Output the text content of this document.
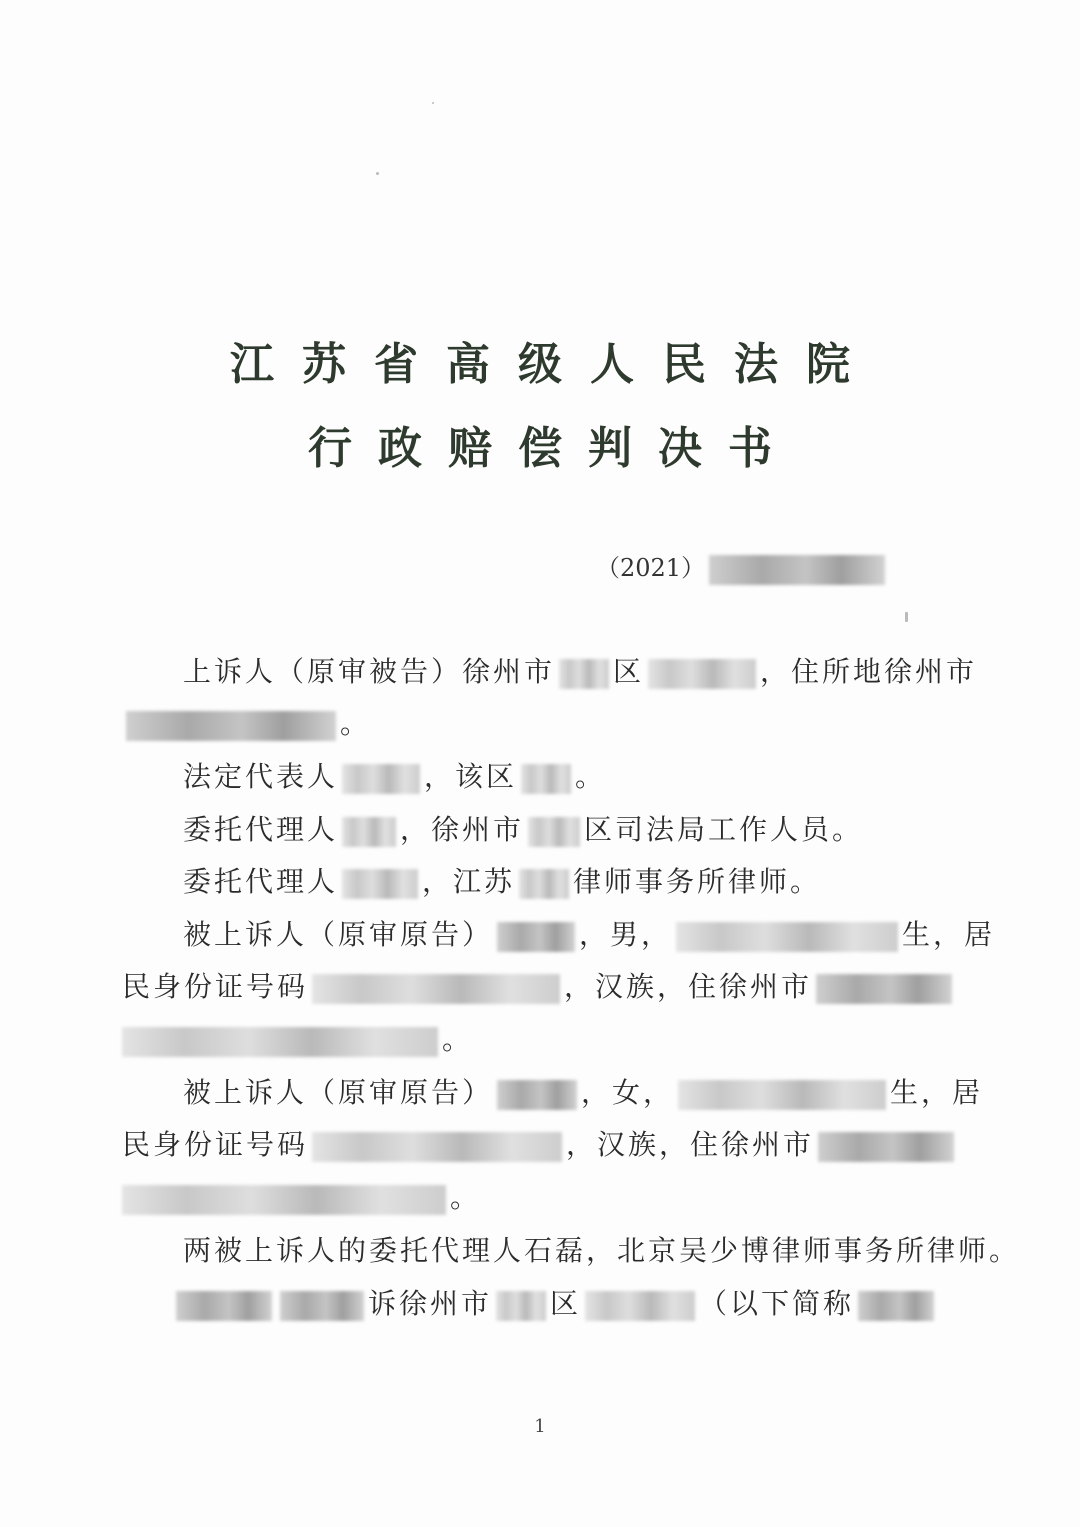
江苏省高级人民法院
行政赔偿判决书
（2021）
上诉人（原审被告）徐州市 区	，住所地徐州市
。
法定代表人	，该区 。
委托代理人 ，徐州市 区司法局工作人员。
委托代理人	，江苏 律师事务所律师。
被上诉人（原审原告）	，男，	生，居
民身份证号码	，汉族，住徐州市
。
被上诉人（原审原告）	，女，	生，居
民身份证号码	，汉族，住徐州市
。
两被上诉人的委托代理人石磊，北京吴少博律师事务所律师。
诉徐州市 区	（以下简称
1
